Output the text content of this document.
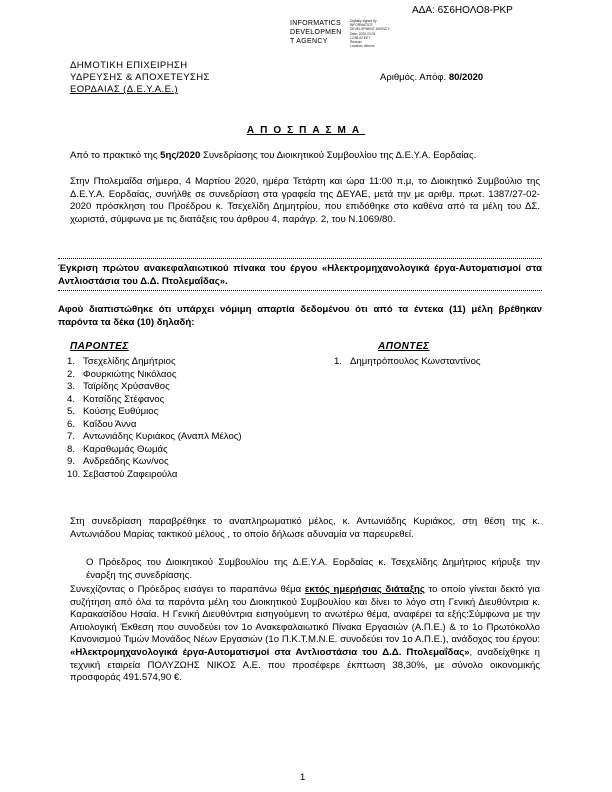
ΑΔΑ: 6Σ6ΗΟΛΟ8-ΡΚΡ
INFORMATICS
DEVELOPMEN
T AGENCY
Digitally signed by
INFORMATICS
DEVELOPMENT AGENCY
Date: 2020.03.05
12:58:52 EET
Reason:
Location: Athens
ΔΗΜΟΤΙΚΗ ΕΠΙΧΕΙΡΗΣΗ
ΥΔΡΕΥΣΗΣ & ΑΠΟΧΕΤΕΥΣΗΣ
ΕΟΡΔΑΙΑΣ (Δ.Ε.Υ.Α.Ε.)
Αριθμός. Απόφ. 80/2020
ΑΠΟΣΠΑΣΜΑ
Από το πρακτικό της 5ης/2020 Συνεδρίασης του Διοικητικού Συμβουλίου της Δ.Ε.Υ.Α. Εορδαίας.
Στην Πτολεμαΐδα σήμερα, 4 Μαρτίου 2020, ημέρα Τετάρτη και ώρα 11:00 π.μ, το Διοικητικό Συμβούλιο της Δ.Ε.Υ.Α. Εορδαίας, συνήλθε σε συνεδρίαση στα γραφεία της ΔΕΥΑΕ, μετά την με αριθμ. πρωτ. 1387/27-02-2020 πρόσκληση του Προέδρου κ. Τσεχελίδη Δημητρίου, που επιδόθηκε στο καθένα από τα μέλη του ΔΣ. χωριστά, σύμφωνα με τις διατάξεις του άρθρου 4, παράγρ. 2, του Ν.1069/80.
Έγκριση πρώτου ανακεφαλαιωτικού πίνακα του έργου «Ηλεκτρομηχανολογικά έργα-Αυτοματισμοί στα Αντλιοστάσια του Δ.Δ. Πτολεμαΐδας».
Αφού διαπιστώθηκε ότι υπάρχει νόμιμη απαρτία δεδομένου ότι από τα έντεκα (11) μέλη βρέθηκαν παρόντα τα δέκα (10) δηλαδή:
ΠΑΡΟΝΤΕΣ	ΑΠΟΝΤΕΣ
1. Τσεχελίδης Δημήτριος
2. Φουρκιώτης Νικόλαος
3. Ταϊρίδης Χρύσανθος
4. Κοτσίδης Στέφανος
5. Κούσης Ευθύμιος
6. Καΐδου Άννα
7. Αντωνιάδης Κυριάκος (Αναπλ Μέλος)
8. Καραθωμάς Θωμάς
9. Ανδρεάδης Κων/νος
10. Σεβαστού Ζαφειρούλα
1. Δημητρόπουλος Κωνσταντίνος
Στη συνεδρίαση παραβρέθηκε το αναπληρωματικό μέλος, κ. Αντωνιάδης Κυριάκος, στη θέση της κ. Αντωνιάδου Μαρίας τακτικού μέλους , το οποίο δήλωσε αδυναμία να παρευρεθεί.
Ο Πρόεδρος του Διοικητικού Συμβουλίου της Δ.Ε.Υ.Α. Εορδαίας κ. Τσεχελίδης Δημήτριος κήρυξε την έναρξη της συνεδρίασης.
Συνεχίζοντας ο Πρόεδρος εισάγει το παραπάνω θέμα εκτός ημερήσιας διάταξης το οποίο γίνεται δεκτό για συζήτηση από όλα τα παρόντα μέλη του Διοικητικού Συμβουλίου και δίνει το λόγο στη Γενική Διευθύντρια κ. Καρακασίδου Ησαία. Η Γενική Διευθύντρια εισηγούμενη το ανωτέρω θέμα, αναφέρει τα εξής:Σύμφωνα με την Αιτιολογική Έκθεση που συνοδεύει τον 1ο Ανακεφαλαιωτικό Πίνακα Εργασιών (Α.Π.Ε.) & το 1ο Πρωτόκολλο Κανονισμού Τιμών Μονάδος Νέων Εργασιών (1ο Π.Κ.Τ.Μ.Ν.Ε. συνοδεύει τον 1ο Α.Π.Ε.), ανάδοχος του έργου: «Ηλεκτρομηχανολογικά έργα-Αυτοματισμοί στα Αντλιοστάσια του Δ.Δ. Πτολεμαΐδας», αναδείχθηκε η τεχνική εταιρεία ΠΟΛΥΖΩΗΣ ΝΙΚΟΣ Α.Ε. που προσέφερε έκπτωση 38,30%, με σύνολο οικονομικής προσφοράς 491.574,90 €.
1
